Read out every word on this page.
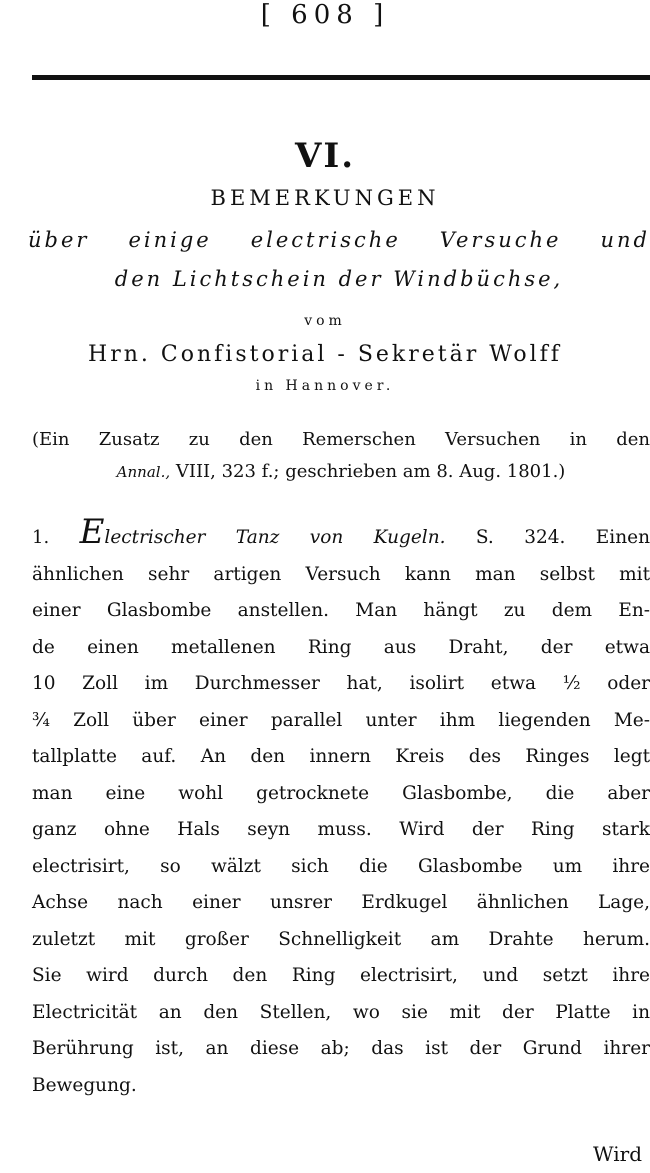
[ 608 ]
VI.
BEMERKUNGEN
über einige electrische Versuche und
den Lichtschein der Windbüchse,
vom
Hrn. Confistorial - Sekretär Wolff
in Hannover.
(Ein Zusatz zu den Remerschen Versuchen in den
Annal., VIII, 323 f.; geschrieben am 8. Aug. 1801.)
1. Electrischer Tanz von Kugeln. S. 324. Einen
ähnlichen sehr artigen Versuch kann man selbst mit
einer Glasbombe anstellen. Man hängt zu dem En-
de einen metallenen Ring aus Draht, der etwa
10 Zoll im Durchmesser hat, isolirt etwa ½ oder
¾ Zoll über einer parallel unter ihm liegenden Me-
tallplatte auf. An den innern Kreis des Ringes legt
man eine wohl getrocknete Glasbombe, die aber
ganz ohne Hals seyn muss. Wird der Ring stark
electrisirt, so wälzt sich die Glasbombe um ihre
Achse nach einer unsrer Erdkugel ähnlichen Lage,
zuletzt mit großer Schnelligkeit am Drahte herum.
Sie wird durch den Ring electrisirt, und setzt ihre
Electricität an den Stellen, wo sie mit der Platte in
Berührung ist, an diese ab; das ist der Grund ihrer
Bewegung.
Wird
